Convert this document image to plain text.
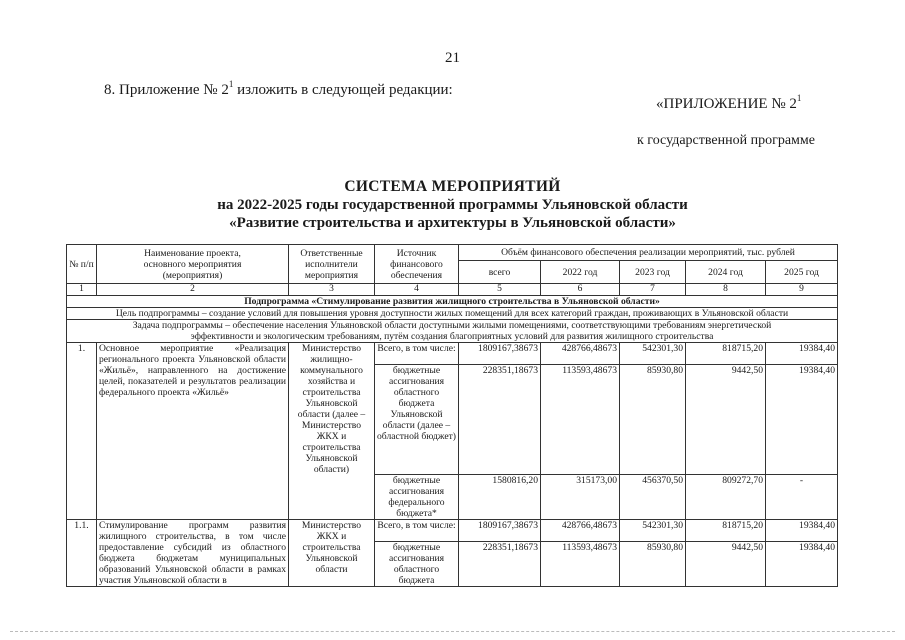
21
8. Приложение № $2^1$ изложить в следующей редакции:
«ПРИЛОЖЕНИЕ № $2^1$
к государственной программе
СИСТЕМА МЕРОПРИЯТИЙ
на 2022-2025 годы государственной программы Ульяновской области
«Развитие строительства и архитектуры в Ульяновской области»
№ п/п	Наименование проекта, основного мероприятия (мероприятия)	Ответственные исполнители мероприятия	Источник финансового обеспечения	Объём финансового обеспечения реализации мероприятий, тыс. рублей				
				всего	2022 год	2023 год	2024 год	2025 год
1	2	3	4	5	6	7	8	9
Подпрограмма «Стимулирование развития жилищного строительства в Ульяновской области»								
Цель подпрограммы – создание условий для повышения уровня доступности жилых помещений для всех категорий граждан, проживающих в Ульяновской области								
Задача подпрограммы – обеспечение населения Ульяновской области доступными жилыми помещениями, соответствующими требованиям энергетической эффективности и экологическим требованиям, путём создания благоприятных условий для развития жилищного строительства								
1.	Основное мероприятие «Реализация регионального проекта Ульяновской области «Жильё», направленного на достижение целей, показателей и результатов реализации федерального проекта «Жильё»	Министерство жилищно-коммунального хозяйства и строительства Ульяновской области (далее – Министерство ЖКХ и строительства Ульяновской области)	Всего, в том числе:	1809167,38673	428766,48673	542301,30	818715,20	19384,40
			бюджетные ассигнования областного бюджета Ульяновской области (далее – областной бюджет)	228351,18673	113593,48673	85930,80	9442,50	19384,40
			бюджетные ассигнования федерального бюджета*	1580816,20	315173,00	456370,50	809272,70	-
1.1.	Стимулирование программ развития жилищного строительства, в том числе предоставление субсидий из областного бюджета бюджетам муниципальных образований Ульяновской области в рамках участия Ульяновской области в	Министерство ЖКХ и строительства Ульяновской области	Всего, в том числе:	1809167,38673	428766,48673	542301,30	818715,20	19384,40
			бюджетные ассигнования областного бюджета	228351,18673	113593,48673	85930,80	9442,50	19384,40
